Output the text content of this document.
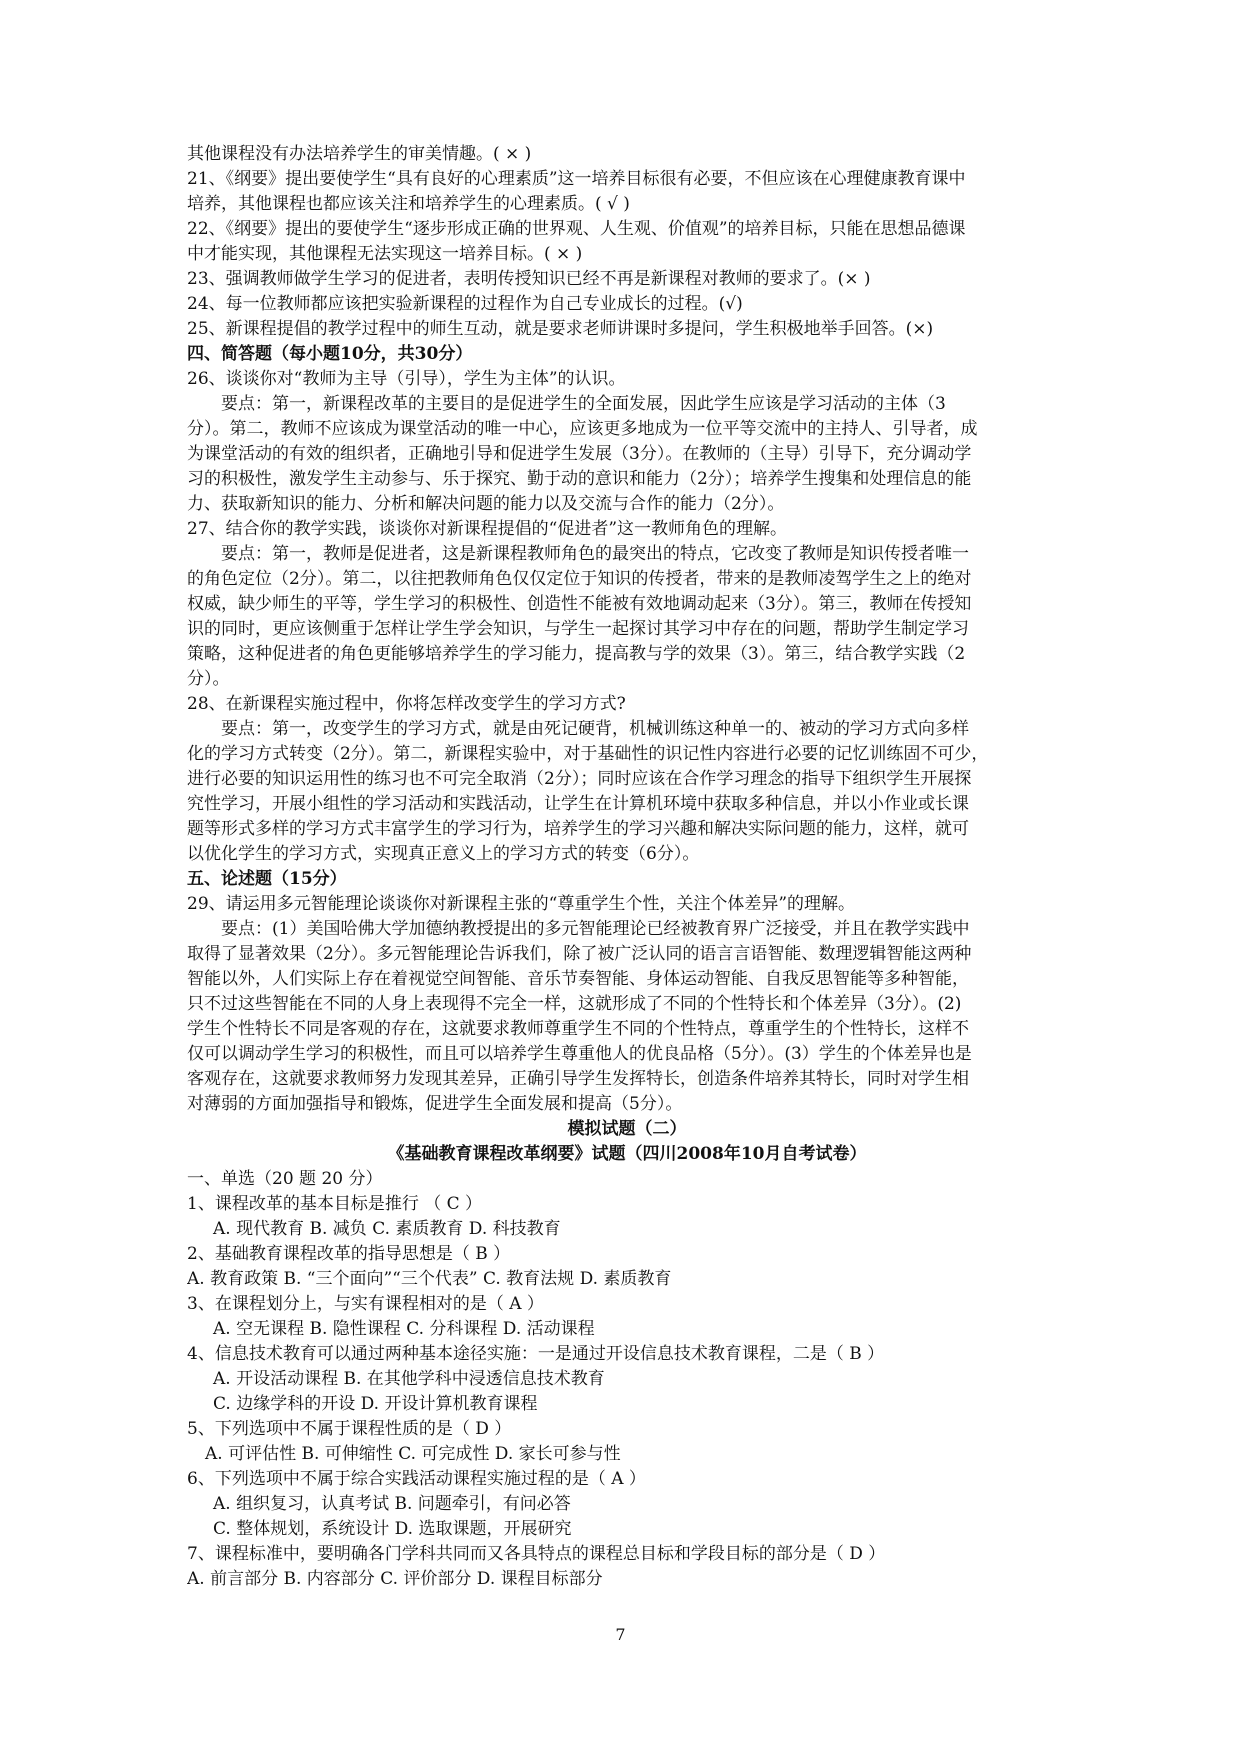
其他课程没有办法培养学生的审美情趣。( × )
21、《纲要》提出要使学生“具有良好的心理素质”这一培养目标很有必要，不但应该在心理健康教育课中
培养，其他课程也都应该关注和培养学生的心理素质。( √ )
22、《纲要》提出的要使学生“逐步形成正确的世界观、人生观、价值观”的培养目标，只能在思想品德课
中才能实现，其他课程无法实现这一培养目标。( × )
23、强调教师做学生学习的促进者，表明传授知识已经不再是新课程对教师的要求了。(× )
24、每一位教师都应该把实验新课程的过程作为自己专业成长的过程。(√)
25、新课程提倡的教学过程中的师生互动，就是要求老师讲课时多提问，学生积极地举手回答。(×)
四、简答题（每小题10分，共30分）
26、谈谈你对“教师为主导（引导），学生为主体”的认识。
要点：第一，新课程改革的主要目的是促进学生的全面发展，因此学生应该是学习活动的主体（3
分）。第二，教师不应该成为课堂活动的唯一中心，应该更多地成为一位平等交流中的主持人、引导者，成
为课堂活动的有效的组织者，正确地引导和促进学生发展（3分）。在教师的（主导）引导下，充分调动学
习的积极性，激发学生主动参与、乐于探究、勤于动的意识和能力（2分）；培养学生搜集和处理信息的能
力、获取新知识的能力、分析和解决问题的能力以及交流与合作的能力（2分）。
27、结合你的教学实践，谈谈你对新课程提倡的“促进者”这一教师角色的理解。
要点：第一，教师是促进者，这是新课程教师角色的最突出的特点，它改变了教师是知识传授者唯一
的角色定位（2分）。第二，以往把教师角色仅仅定位于知识的传授者，带来的是教师凌驾学生之上的绝对
权威，缺少师生的平等，学生学习的积极性、创造性不能被有效地调动起来（3分）。第三，教师在传授知
识的同时，更应该侧重于怎样让学生学会知识，与学生一起探讨其学习中存在的问题，帮助学生制定学习
策略，这种促进者的角色更能够培养学生的学习能力，提高教与学的效果（3）。第三，结合教学实践（2
分）。
28、在新课程实施过程中，你将怎样改变学生的学习方式?
要点：第一，改变学生的学习方式，就是由死记硬背，机械训练这种单一的、被动的学习方式向多样
化的学习方式转变（2分）。第二，新课程实验中，对于基础性的识记性内容进行必要的记忆训练固不可少，
进行必要的知识运用性的练习也不可完全取消（2分）；同时应该在合作学习理念的指导下组织学生开展探
究性学习，开展小组性的学习活动和实践活动，让学生在计算机环境中获取多种信息，并以小作业或长课
题等形式多样的学习方式丰富学生的学习行为，培养学生的学习兴趣和解决实际问题的能力，这样，就可
以优化学生的学习方式，实现真正意义上的学习方式的转变（6分）。
五、论述题（15分）
29、请运用多元智能理论谈谈你对新课程主张的“尊重学生个性，关注个体差异”的理解。
要点：(1）美国哈佛大学加德纳教授提出的多元智能理论已经被教育界广泛接受，并且在教学实践中
取得了显著效果（2分）。多元智能理论告诉我们，除了被广泛认同的语言言语智能、数理逻辑智能这两种
智能以外，人们实际上存在着视觉空间智能、音乐节奏智能、身体运动智能、自我反思智能等多种智能，
只不过这些智能在不同的人身上表现得不完全一样，这就形成了不同的个性特长和个体差异（3分）。(2)
学生个性特长不同是客观的存在，这就要求教师尊重学生不同的个性特点，尊重学生的个性特长，这样不
仅可以调动学生学习的积极性，而且可以培养学生尊重他人的优良品格（5分）。(3）学生的个体差异也是
客观存在，这就要求教师努力发现其差异，正确引导学生发挥特长，创造条件培养其特长，同时对学生相
对薄弱的方面加强指导和锻炼，促进学生全面发展和提高（5分）。
模拟试题（二）
《基础教育课程改革纲要》试题（四川2008年10月自考试卷）
一、单选（20 题 20 分）
1、课程改革的基本目标是推行 （ C ）
A. 现代教育 B. 减负 C. 素质教育 D. 科技教育
2、基础教育课程改革的指导思想是（ B ）
A. 教育政策 B. “三个面向”“三个代表” C. 教育法规 D. 素质教育
3、在课程划分上，与实有课程相对的是（ A ）
A. 空无课程 B. 隐性课程 C. 分科课程 D. 活动课程
4、信息技术教育可以通过两种基本途径实施：一是通过开设信息技术教育课程，二是（ B ）
A. 开设活动课程 B. 在其他学科中浸透信息技术教育
C. 边缘学科的开设 D. 开设计算机教育课程
5、下列选项中不属于课程性质的是（ D ）
A. 可评估性 B. 可伸缩性 C. 可完成性 D. 家长可参与性
6、下列选项中不属于综合实践活动课程实施过程的是（ A ）
A. 组织复习，认真考试 B. 问题牵引，有问必答
C. 整体规划，系统设计 D. 选取课题，开展研究
7、课程标准中，要明确各门学科共同而又各具特点的课程总目标和学段目标的部分是（ D ）
A. 前言部分 B. 内容部分 C. 评价部分 D. 课程目标部分
7
